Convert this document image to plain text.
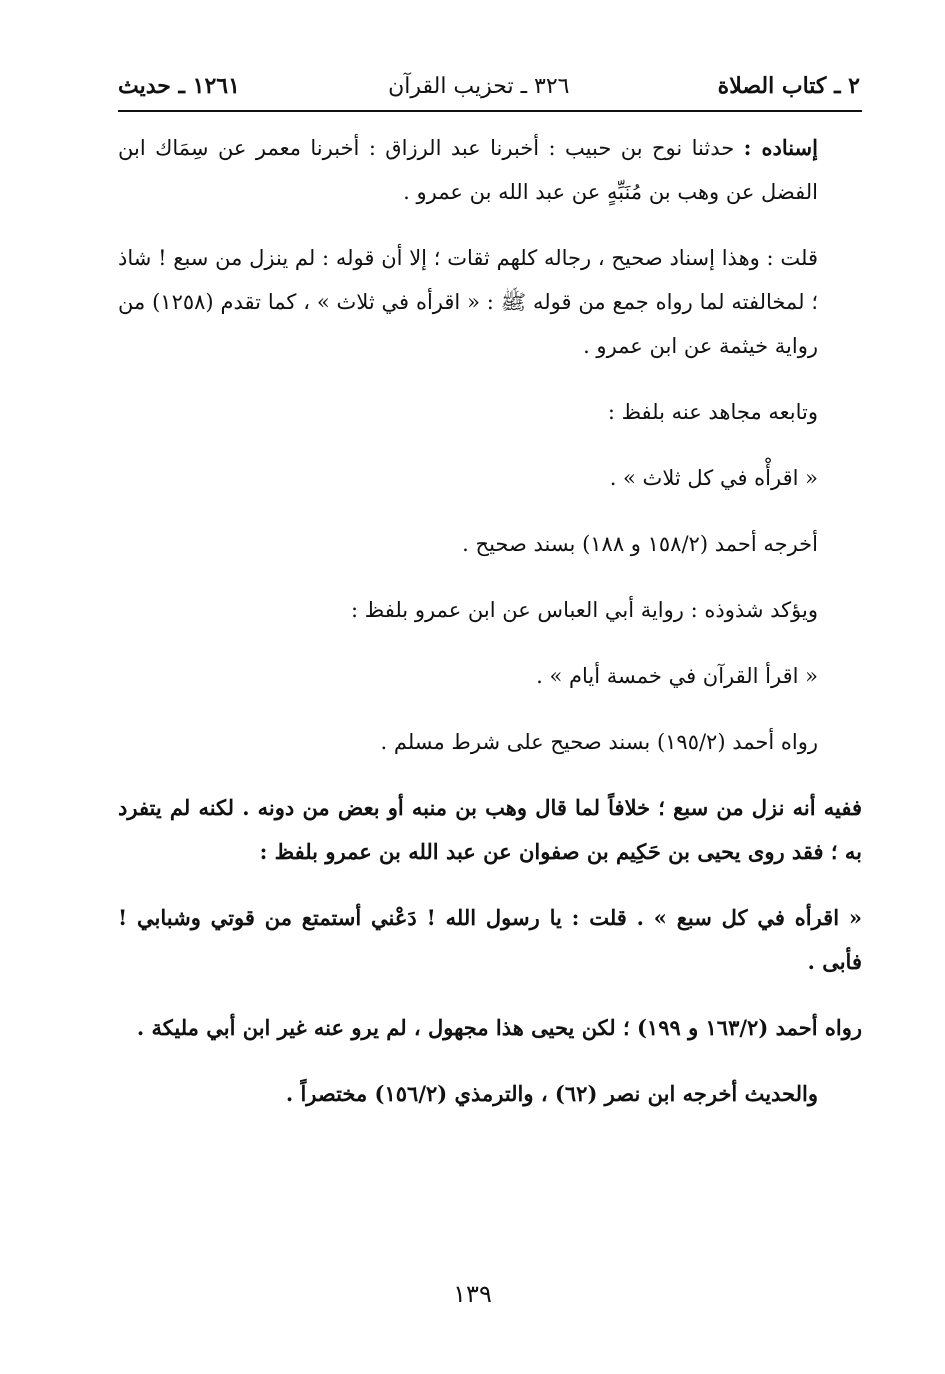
٢ ـ كتاب الصلاة
٣٢٦ ـ تحزيب القرآن
١٢٦١ ـ حديث

إسناده : حدثنا نوح بن حبيب : أخبرنا عبد الرزاق : أخبرنا معمر عن سِمَاك ابن الفضل عن وهب بن مُنَبِّهٍ عن عبد الله بن عمرو .

قلت : وهذا إسناد صحيح ، رجاله كلهم ثقات ؛ إلا أن قوله : لم ينزل من سبع ! شاذ ؛ لمخالفته لما رواه جمع من قوله ﷺ : « اقرأه في ثلاث » ، كما تقدم (١٢٥٨) من رواية خيثمة عن ابن عمرو .

وتابعه مجاهد عنه بلفظ :

« اقرأْه في كل ثلاث » .

أخرجه أحمد (١٥٨/٢ و ١٨٨) بسند صحيح .

ويؤكد شذوذه : رواية أبي العباس عن ابن عمرو بلفظ :

« اقرأ القرآن في خمسة أيام » .

رواه أحمد (١٩٥/٢) بسند صحيح على شرط مسلم .

ففيه أنه نزل من سبع ؛ خلافاً لما قال وهب بن منبه أو بعض من دونه . لكنه لم يتفرد به ؛ فقد روى يحيى بن حَكِيم بن صفوان عن عبد الله بن عمرو بلفظ :

« اقرأه في كل سبع » . قلت : يا رسول الله ! دَعْني أستمتع من قوتي وشبابي ! فأبى .

رواه أحمد (١٦٣/٢ و ١٩٩) ؛ لكن يحيى هذا مجهول ، لم يرو عنه غير ابن أبي مليكة .

والحديث أخرجه ابن نصر (٦٢) ، والترمذي (١٥٦/٢) مختصراً .

١٣٩
